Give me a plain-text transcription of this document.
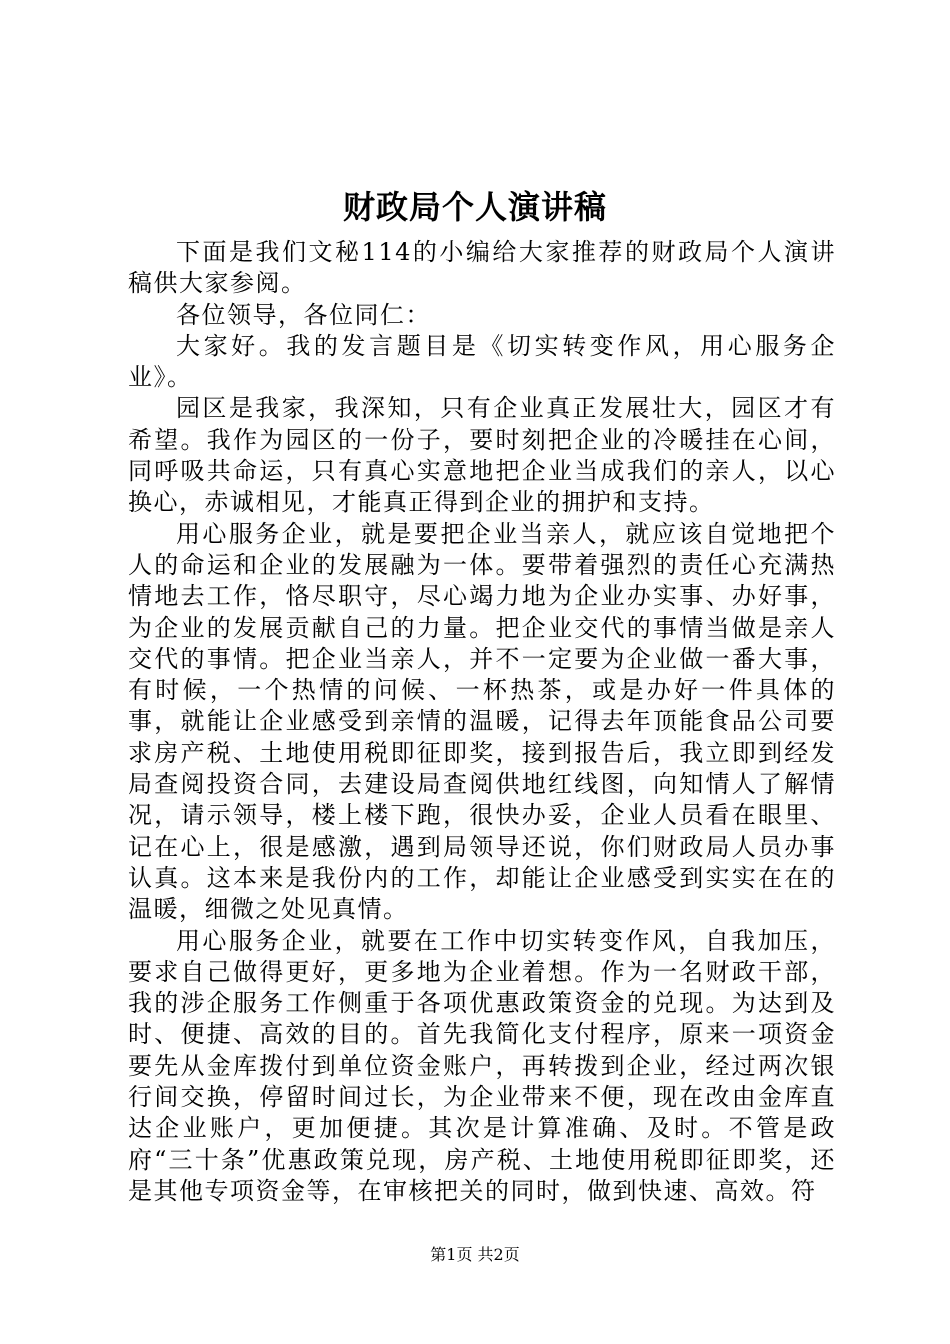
财政局个人演讲稿

下面是我们文秘114的小编给大家推荐的财政局个人演讲稿供大家参阅。

各位领导，各位同仁：

大家好。我的发言题目是《切实转变作风，用心服务企业》。

园区是我家，我深知，只有企业真正发展壮大，园区才有希望。我作为园区的一份子，要时刻把企业的冷暖挂在心间，同呼吸共命运，只有真心实意地把企业当成我们的亲人，以心换心，赤诚相见，才能真正得到企业的拥护和支持。

用心服务企业，就是要把企业当亲人，就应该自觉地把个人的命运和企业的发展融为一体。要带着强烈的责任心充满热情地去工作，恪尽职守，尽心竭力地为企业办实事、办好事，为企业的发展贡献自己的力量。把企业交代的事情当做是亲人交代的事情。把企业当亲人，并不一定要为企业做一番大事，有时候，一个热情的问候、一杯热茶，或是办好一件具体的事，就能让企业感受到亲情的温暖，记得去年顶能食品公司要求房产税、土地使用税即征即奖，接到报告后，我立即到经发局查阅投资合同，去建设局查阅供地红线图，向知情人了解情况，请示领导，楼上楼下跑，很快办妥，企业人员看在眼里、记在心上，很是感激，遇到局领导还说，你们财政局人员办事认真。这本来是我份内的工作，却能让企业感受到实实在在的温暖，细微之处见真情。

用心服务企业，就要在工作中切实转变作风，自我加压，要求自己做得更好，更多地为企业着想。作为一名财政干部，我的涉企服务工作侧重于各项优惠政策资金的兑现。为达到及时、便捷、高效的目的。首先我简化支付程序，原来一项资金要先从金库拨付到单位资金账户，再转拨到企业，经过两次银行间交换，停留时间过长，为企业带来不便，现在改由金库直达企业账户，更加便捷。其次是计算准确、及时。不管是政府“三十条”优惠政策兑现，房产税、土地使用税即征即奖，还是其他专项资金等，在审核把关的同时，做到快速、高效。符

第1页 共2页
